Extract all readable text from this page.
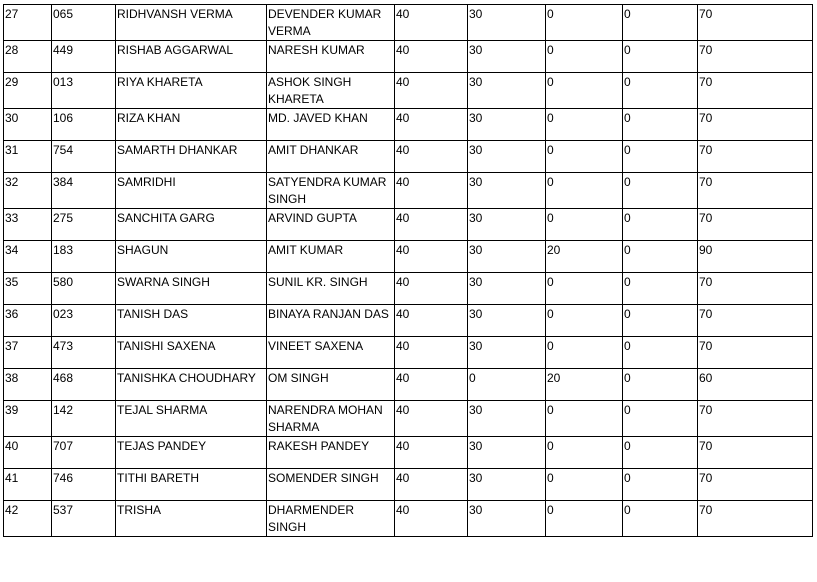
27	065	RIDHVANSH VERMA	DEVENDER KUMAR VERMA	40	30	0	0	70
28	449	RISHAB AGGARWAL	NARESH KUMAR	40	30	0	0	70
29	013	RIYA KHARETA	ASHOK SINGH KHARETA	40	30	0	0	70
30	106	RIZA KHAN	MD. JAVED KHAN	40	30	0	0	70
31	754	SAMARTH DHANKAR	AMIT DHANKAR	40	30	0	0	70
32	384	SAMRIDHI	SATYENDRA KUMAR SINGH	40	30	0	0	70
33	275	SANCHITA GARG	ARVIND GUPTA	40	30	0	0	70
34	183	SHAGUN	AMIT KUMAR	40	30	20	0	90
35	580	SWARNA SINGH	SUNIL KR. SINGH	40	30	0	0	70
36	023	TANISH DAS	BINAYA RANJAN DAS	40	30	0	0	70
37	473	TANISHI SAXENA	VINEET SAXENA	40	30	0	0	70
38	468	TANISHKA CHOUDHARY	OM SINGH	40	0	20	0	60
39	142	TEJAL SHARMA	NARENDRA MOHAN SHARMA	40	30	0	0	70
40	707	TEJAS PANDEY	RAKESH PANDEY	40	30	0	0	70
41	746	TITHI BARETH	SOMENDER SINGH	40	30	0	0	70
42	537	TRISHA	DHARMENDER SINGH	40	30	0	0	70
